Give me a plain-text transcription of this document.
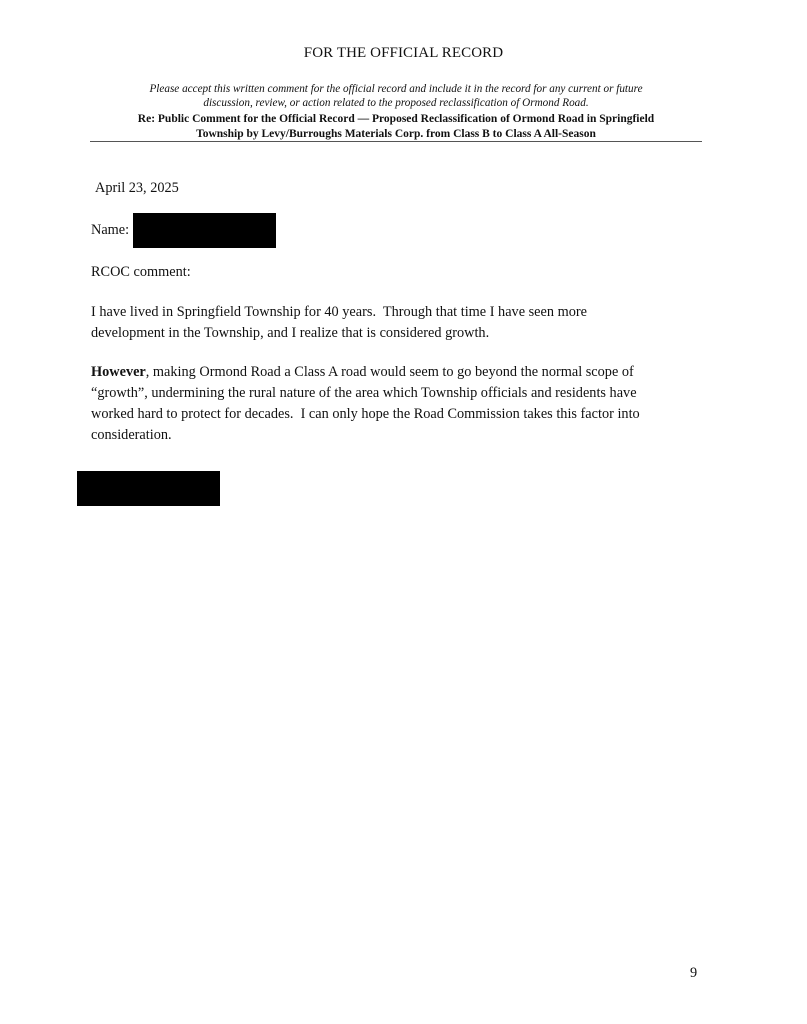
FOR THE OFFICIAL RECORD
Please accept this written comment for the official record and include it in the record for any current or future
discussion, review, or action related to the proposed reclassification of Ormond Road.
Re: Public Comment for the Official Record — Proposed Reclassification of Ormond Road in Springfield
Township by Levy/Burroughs Materials Corp. from Class B to Class A All-Season
April 23, 2025
Name:
RCOC comment:
I have lived in Springfield Township for 40 years.  Through that time I have seen more
development in the Township, and I realize that is considered growth.
However, making Ormond Road a Class A road would seem to go beyond the normal scope of
“growth”, undermining the rural nature of the area which Township officials and residents have
worked hard to protect for decades.  I can only hope the Road Commission takes this factor into
consideration.
9
